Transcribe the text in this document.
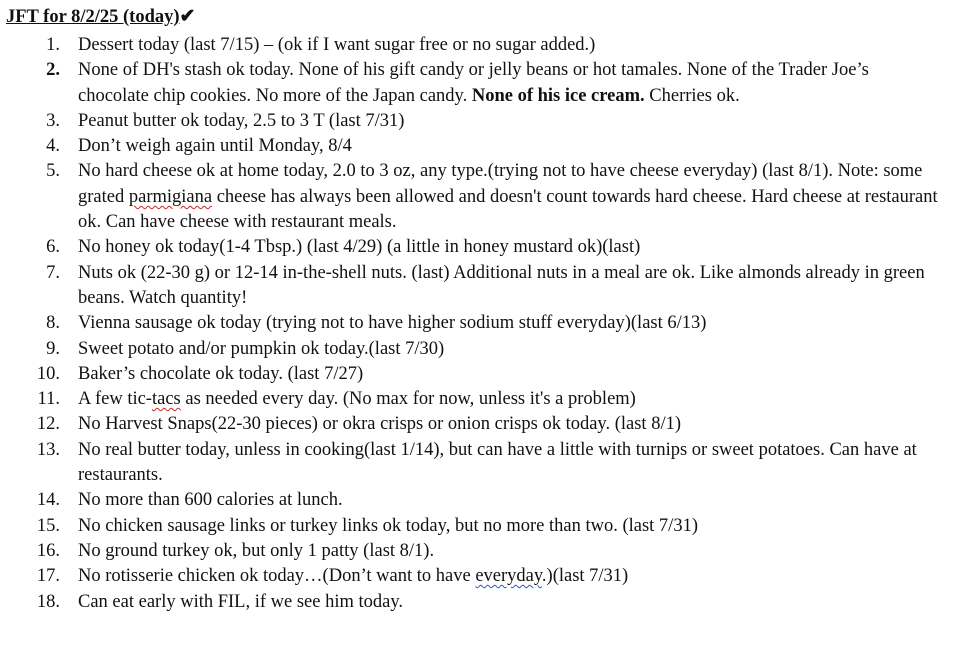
JFT for 8/2/25 (today)✔
1. Dessert today (last 7/15) – (ok if I want sugar free or no sugar added.)
2. None of DH's stash ok today. None of his gift candy or jelly beans or hot tamales. None of the Trader Joe’s chocolate chip cookies. No more of the Japan candy. None of his ice cream. Cherries ok.
3. Peanut butter ok today, 2.5 to 3 T (last 7/31)
4. Don’t weigh again until Monday, 8/4
5. No hard cheese ok at home today, 2.0 to 3 oz, any type.(trying not to have cheese everyday) (last 8/1). Note: some grated parmigiana cheese has always been allowed and doesn't count towards hard cheese. Hard cheese at restaurant ok. Can have cheese with restaurant meals.
6. No honey ok today(1-4 Tbsp.) (last 4/29) (a little in honey mustard ok)(last)
7. Nuts ok (22-30 g) or 12-14 in-the-shell nuts. (last) Additional nuts in a meal are ok. Like almonds already in green beans. Watch quantity!
8. Vienna sausage ok today (trying not to have higher sodium stuff everyday)(last 6/13)
9. Sweet potato and/or pumpkin ok today.(last 7/30)
10. Baker’s chocolate ok today. (last 7/27)
11. A few tic-tacs as needed every day. (No max for now, unless it's a problem)
12. No Harvest Snaps(22-30 pieces) or okra crisps or onion crisps ok today. (last 8/1)
13. No real butter today, unless in cooking(last 1/14), but can have a little with turnips or sweet potatoes. Can have at restaurants.
14. No more than 600 calories at lunch.
15. No chicken sausage links or turkey links ok today, but no more than two. (last 7/31)
16. No ground turkey ok, but only 1 patty (last 8/1).
17. No rotisserie chicken ok today…(Don’t want to have everyday.)(last 7/31)
18. Can eat early with FIL, if we see him today.
